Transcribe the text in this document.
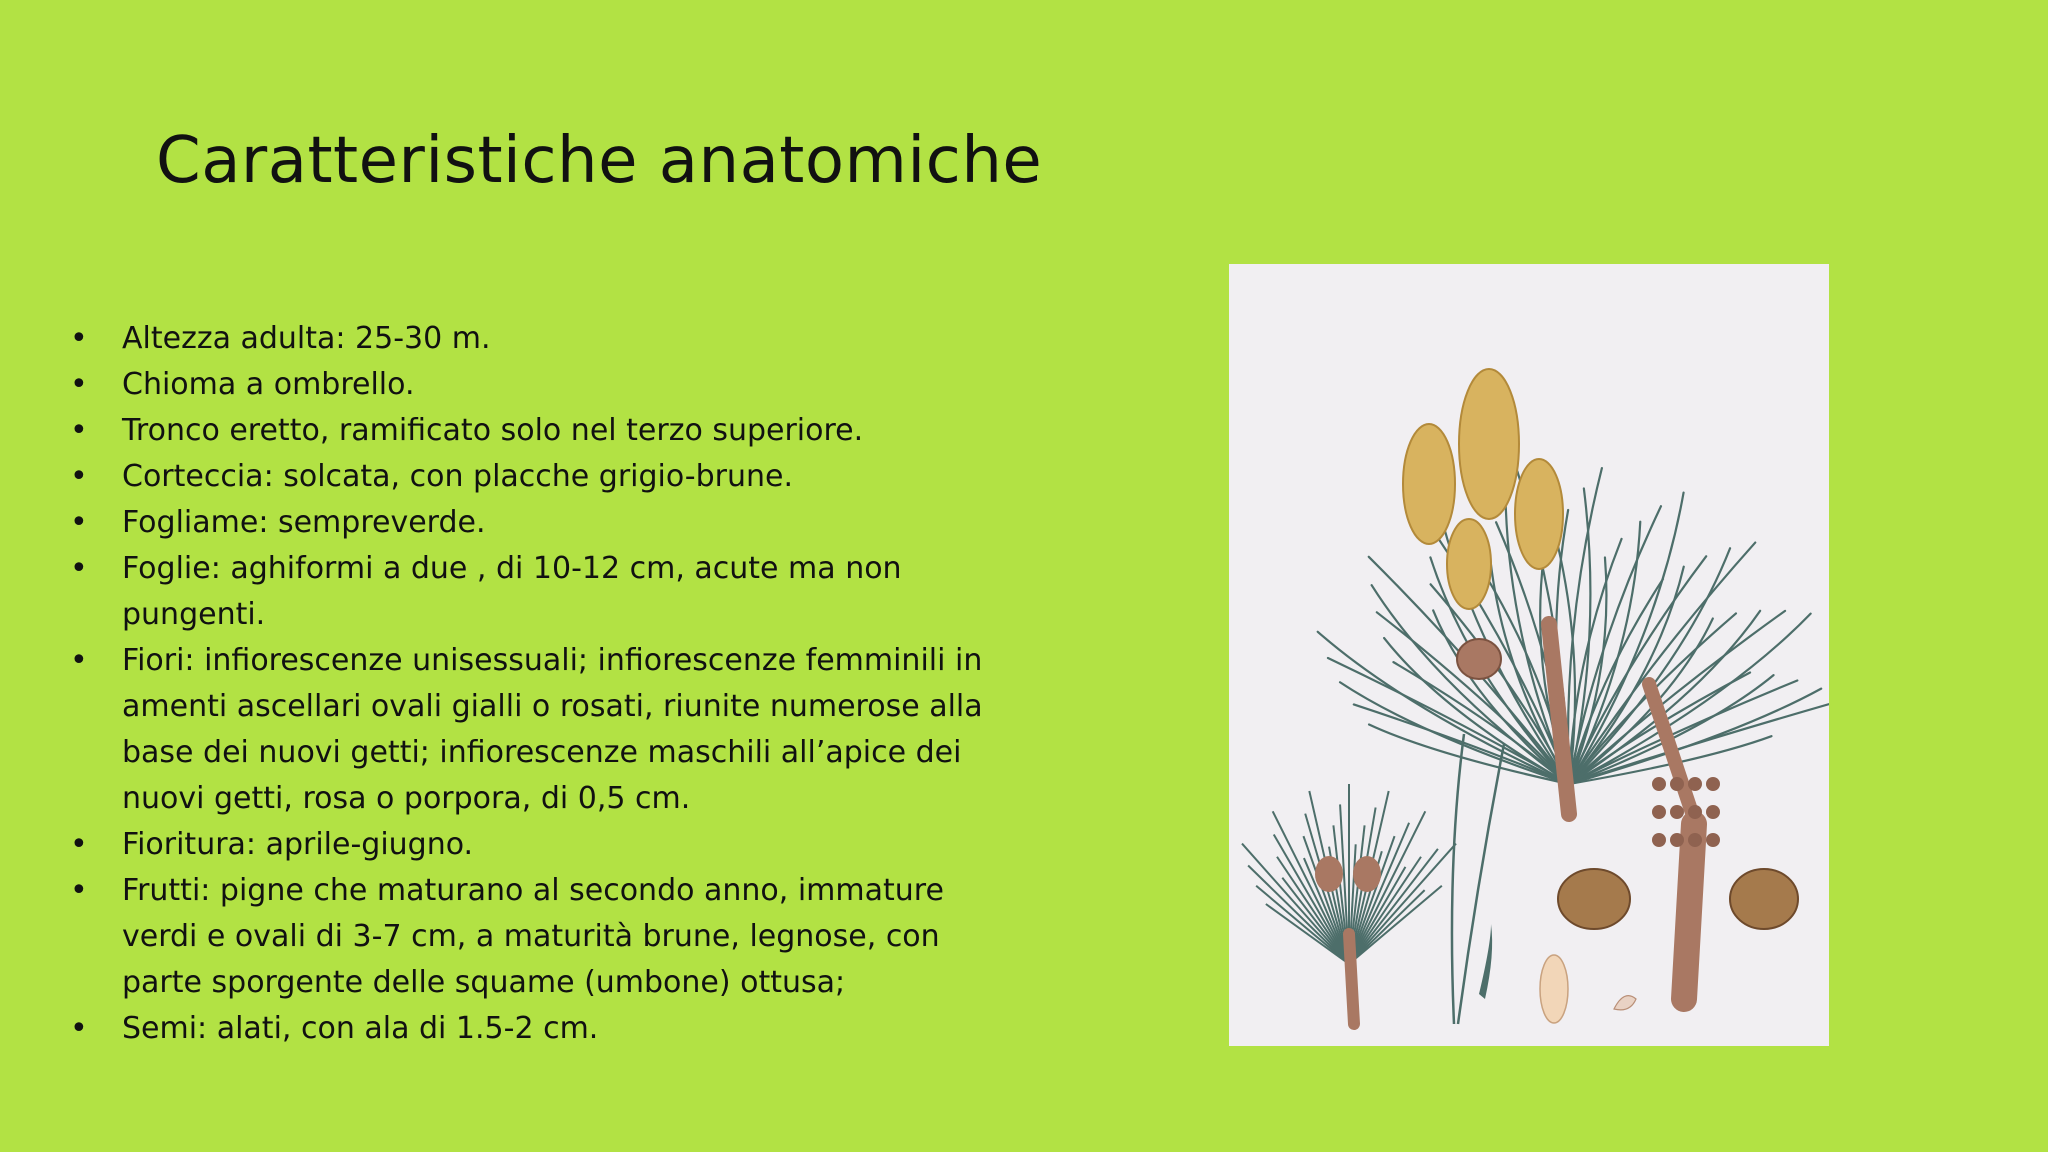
Caratteristiche anatomiche
•	Altezza adulta: 25-30 m.
•	Chioma a ombrello.
•	Tronco eretto, ramificato solo nel terzo superiore.
•	Corteccia: solcata, con placche grigio-brune.
•	Fogliame: sempreverde.
•	Foglie: aghiformi a due , di 10-12 cm, acute ma non pungenti.
•	Fiori: infiorescenze unisessuali; infiorescenze femminili in amenti ascellari ovali gialli o rosati, riunite numerose alla base dei nuovi getti; infiorescenze maschili all’apice dei nuovi getti, rosa o porpora, di 0,5 cm.
•	Fioritura: aprile-giugno.
•	Frutti: pigne che maturano al secondo anno, immature verdi e ovali di 3-7 cm, a maturità brune, legnose, con parte sporgente delle squame (umbone) ottusa;
•	Semi: alati, con ala di 1.5-2 cm.
